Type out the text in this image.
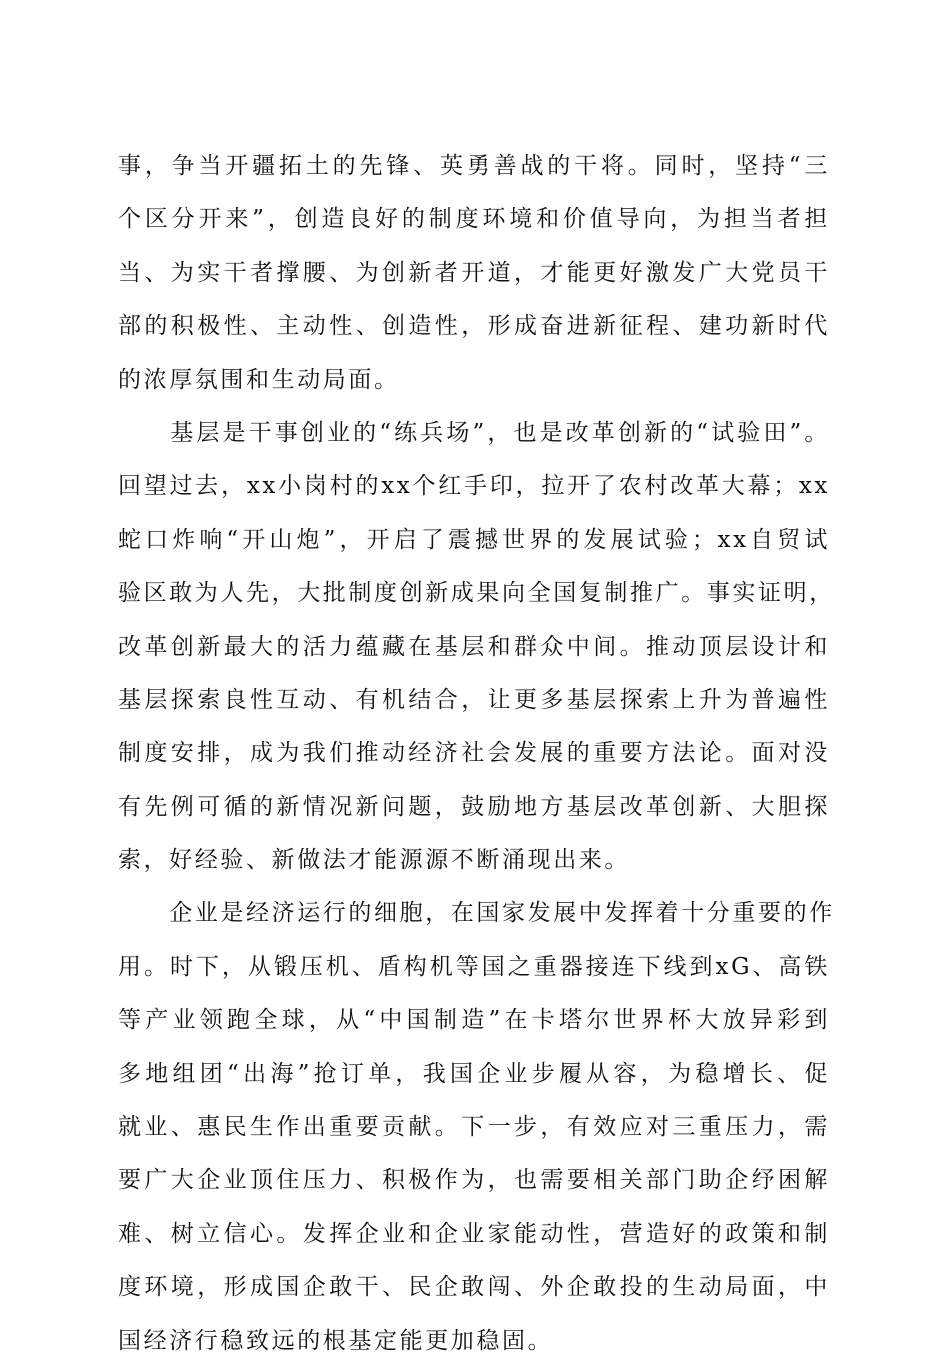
事，争当开疆拓土的先锋、英勇善战的干将。同时，坚持“三
个区分开来”，创造良好的制度环境和价值导向，为担当者担
当、为实干者撑腰、为创新者开道，才能更好激发广大党员干
部的积极性、主动性、创造性，形成奋进新征程、建功新时代
的浓厚氛围和生动局面。
　　基层是干事创业的“练兵场”，也是改革创新的“试验田”。
回望过去，xx小岗村的xx个红手印，拉开了农村改革大幕；xx
蛇口炸响“开山炮”，开启了震撼世界的发展试验；xx自贸试
验区敢为人先，大批制度创新成果向全国复制推广。事实证明，
改革创新最大的活力蕴藏在基层和群众中间。推动顶层设计和
基层探索良性互动、有机结合，让更多基层探索上升为普遍性
制度安排，成为我们推动经济社会发展的重要方法论。面对没
有先例可循的新情况新问题，鼓励地方基层改革创新、大胆探
索，好经验、新做法才能源源不断涌现出来。
　　企业是经济运行的细胞，在国家发展中发挥着十分重要的作
用。时下，从锻压机、盾构机等国之重器接连下线到xG、高铁
等产业领跑全球，从“中国制造”在卡塔尔世界杯大放异彩到
多地组团“出海”抢订单，我国企业步履从容，为稳增长、促
就业、惠民生作出重要贡献。下一步，有效应对三重压力，需
要广大企业顶住压力、积极作为，也需要相关部门助企纾困解
难、树立信心。发挥企业和企业家能动性，营造好的政策和制
度环境，形成国企敢干、民企敢闯、外企敢投的生动局面，中
国经济行稳致远的根基定能更加稳固。
